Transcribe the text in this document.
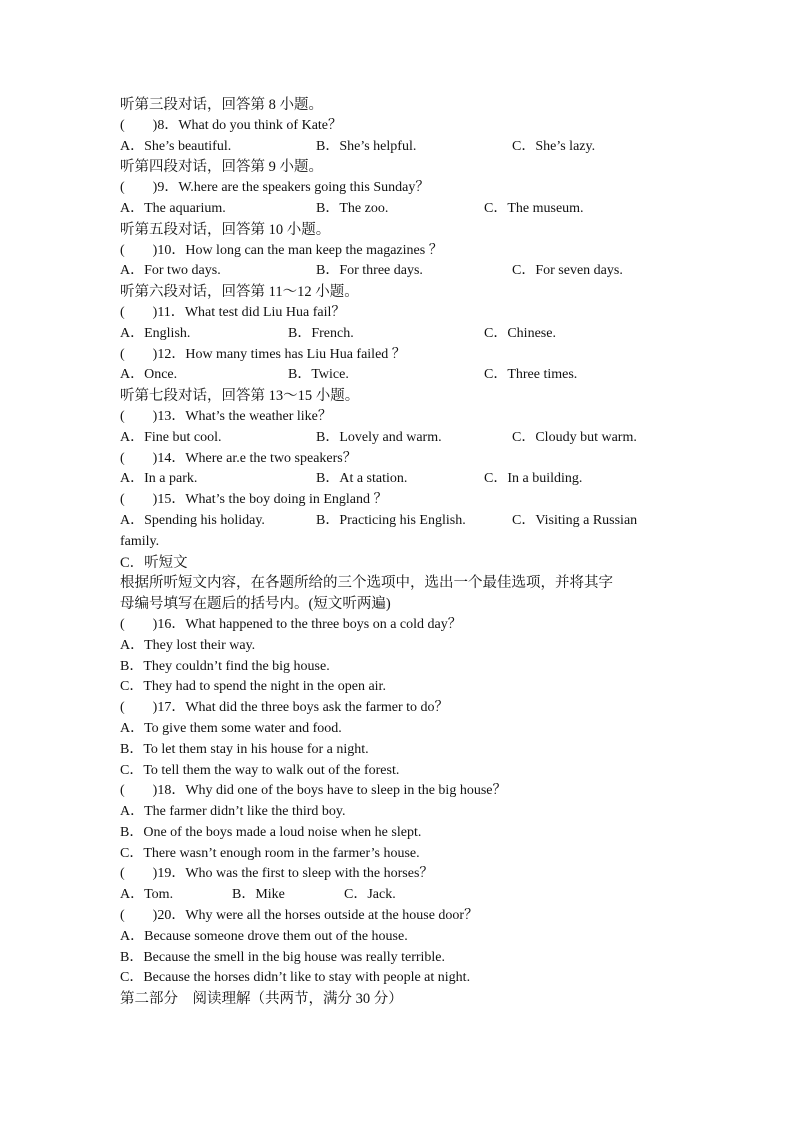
听第三段对话，回答第 8 小题。
(　　)8．What do you think of Kate？
A．She’s beautiful.	B．She’s helpful.	C．She’s lazy.
听第四段对话，回答第 9 小题。
(　　)9．W.here are the speakers going this Sunday？
A．The aquarium.	B．The zoo.	C．The museum.
听第五段对话，回答第 10 小题。
(　　)10．How long can the man keep the magazines ？
A．For two days.	B．For three days.	C．For seven days.
听第六段对话，回答第 11～12 小题。
(　　)11．What test did Liu Hua fail？
A．English.	B．French.	C．Chinese.
(　　)12．How many times has Liu Hua failed ？
A．Once.	B．Twice.	C．Three times.
听第七段对话，回答第 13～15 小题。
(　　)13．What’s the weather like？
A．Fine but cool.	B．Lovely and warm.	C．Cloudy but warm.
(　　)14．Where ar.e the two speakers？
A．In a park.	B．At a station.	C．In a building.
(　　)15．What’s the boy doing in England ？
A．Spending his holiday.	B．Practicing his English.	C．Visiting a Russian
family.
C．听短文
根据所听短文内容，在各题所给的三个选项中，选出一个最佳选项，并将其字
母编号填写在题后的括号内。(短文听两遍)
(　　)16．What happened to the three boys on a cold day？
A．They lost their way.
B．They couldn’t find the big house.
C．They had to spend the night in the open air.
(　　)17．What did the three boys ask the farmer to do？
A．To give them some water and food.
B．To let them stay in his house for a night.
C．To tell them the way to walk out of the forest.
(　　)18．Why did one of the boys have to sleep in the big house？
A．The farmer didn’t like the third boy.
B．One of the boys made a loud noise when he slept.
C．There wasn’t enough room in the farmer’s house.
(　　)19．Who was the first to sleep with the horses？
A．Tom.	B．Mike	C．Jack.
(　　)20．Why were all the horses outside at the house door？
A．Because someone drove them out of the house.
B．Because the smell in the big house was really terrible.
C．Because the horses didn’t like to stay with people at night.
第二部分　阅读理解（共两节，满分 30 分）
